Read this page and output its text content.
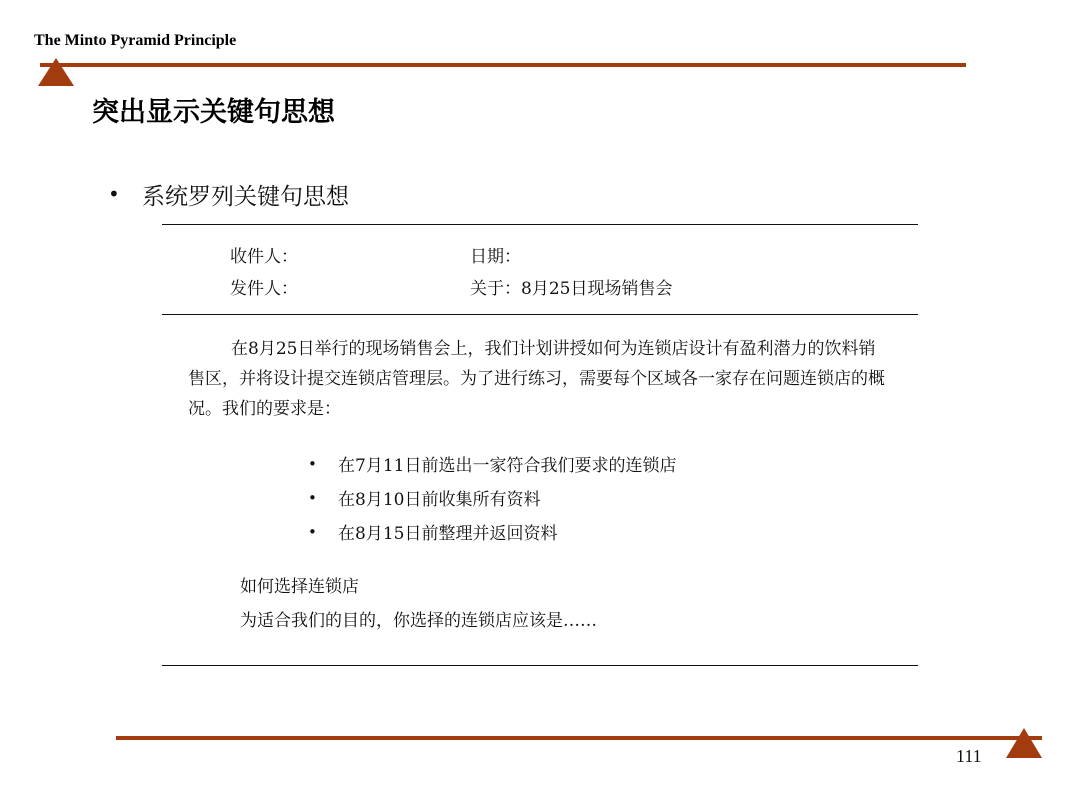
The Minto Pyramid Principle
突出显示关键句思想
• 系统罗列关键句思想
收件人：	日期：
发件人：	关于：8月25日现场销售会
在8月25日举行的现场销售会上，我们计划讲授如何为连锁店设计有盈利潜力的饮料销售区，并将设计提交连锁店管理层。为了进行练习，需要每个区域各一家存在问题连锁店的概况。我们的要求是：
• 在7月11日前选出一家符合我们要求的连锁店
• 在8月10日前收集所有资料
• 在8月15日前整理并返回资料
如何选择连锁店
为适合我们的目的，你选择的连锁店应该是……
111
